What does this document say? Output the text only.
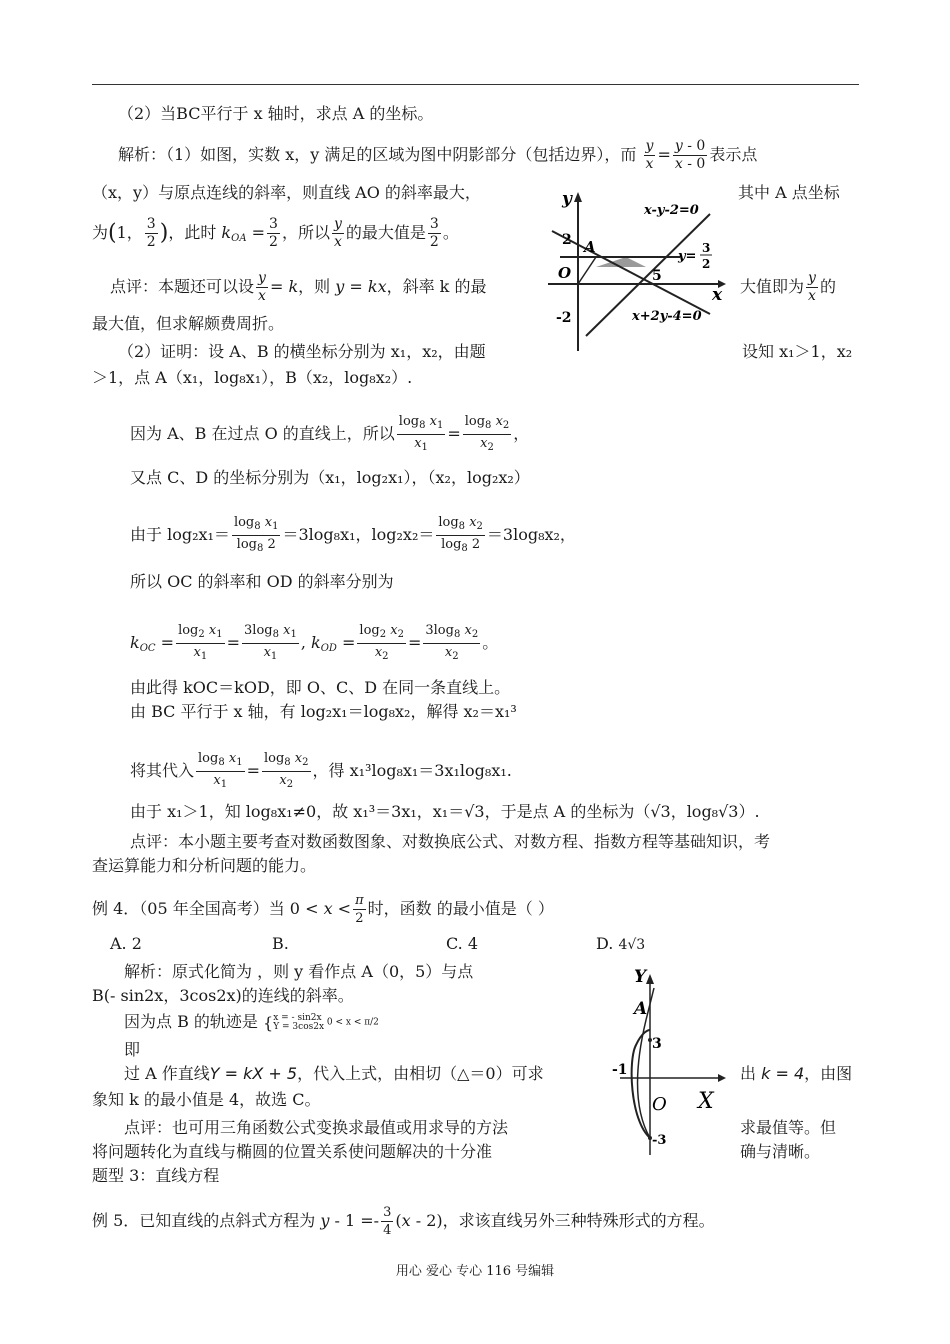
（2）当BC平行于 x 轴时，求点 A 的坐标。
解析：（1）如图，实数 x，y 满足的区域为图中阴影部分（包括边界），而 $\frac{y}{x} = \frac{y - 0}{x - 0}$ 表示点
（x，y）与原点连线的斜率，则直线 AO 的斜率最大，	其中 A 点坐标
为(1， $\frac{3}{2}$ )，此时 $k_{OA} = \frac{3}{2}$ ，所以 $\frac{y}{x}$ 的最大值是 $\frac{3}{2}$ 。
点评：本题还可以设 $\frac{y}{x} = k$，则 y = kx，斜率 k 的最	大值即为 $\frac{y}{x}$ 的
最大值，但求解颇费周折。
（2）证明：设 A、B 的横坐标分别为 x₁，x₂，由题	设知 x₁＞1，x₂
＞1，点 A（x₁，log₈x₁），B（x₂，log₈x₂）.
因为 A、B 在过点 O 的直线上，所以 $\frac{\log_8 x_1}{x_1} = \frac{\log_8 x_2}{x_2}$ ，
又点 C、D 的坐标分别为（x₁，log₂x₁），（x₂，log₂x₂）
由于 $\log_2x_1= \frac{\log_8 x_1}{\log_8 2} =3\log_8x_1$，$\log_2x_2= \frac{\log_8 x_2}{\log_8 2} =3\log_8x_2$，
所以 OC 的斜率和 OD 的斜率分别为
$k_{OC} = \frac{\log_2 x_1}{x_1} = \frac{3\log_8 x_1}{x_1}$ , $k_{OD} = \frac{\log_2 x_2}{x_2} = \frac{3\log_8 x_2}{x_2}$ 。
由此得 kOC＝kOD，即 O、C、D 在同一条直线上。
由 BC 平行于 x 轴，有 log₂x₁＝log₈x₂，解得 x₂＝x₁³
将其代入 $\frac{\log_8 x_1}{x_1} = \frac{\log_8 x_2}{x_2}$ ，得 x₁³log₈x₁＝3x₁log₈x₁.
由于 x₁＞1，知 log₈x₁≠0，故 x₁³＝3x₁，x₁＝√3，于是点 A 的坐标为（√3，log₈√3）.
点评：本小题主要考查对数函数图象、对数换底公式、对数方程、指数方程等基础知识，考
查运算能力和分析问题的能力。
例 4．（05 年全国高考）当 $0 < x < \frac{\pi}{2}$ 时，函数 的最小值是（ ）
A. 2	B.	C. 4	D. 4√3
解析：原式化简为 ，则 y 看作点 A（0，5）与点
B(- sin2x，3cos2x)的连线的斜率。
因为点 B 的轨迹是 { x = - sin2x
Y = 3cos2x 0 < x < π/2
即
过 A 作直线Y = kX + 5，代入上式，由相切（△＝0）可求	出 k = 4，由图
象知 k 的最小值是 4，故选 C。
点评：也可用三角函数公式变换求最值或用求导的方法	求最值等。但
将问题转化为直线与椭圆的位置关系使问题解决的十分准	确与清晰。
题型 3：直线方程
例 5．已知直线的点斜式方程为 $y - 1 =- \frac{3}{4} (x - 2)$，求该直线另外三种特殊形式的方程。
y
x
O
A
2
-2
5
x-y-2=0
y=
3
2
x+2y-4=0
Y
X
O
A
3
-1
-3
用心 爱心 专心 116 号编辑
